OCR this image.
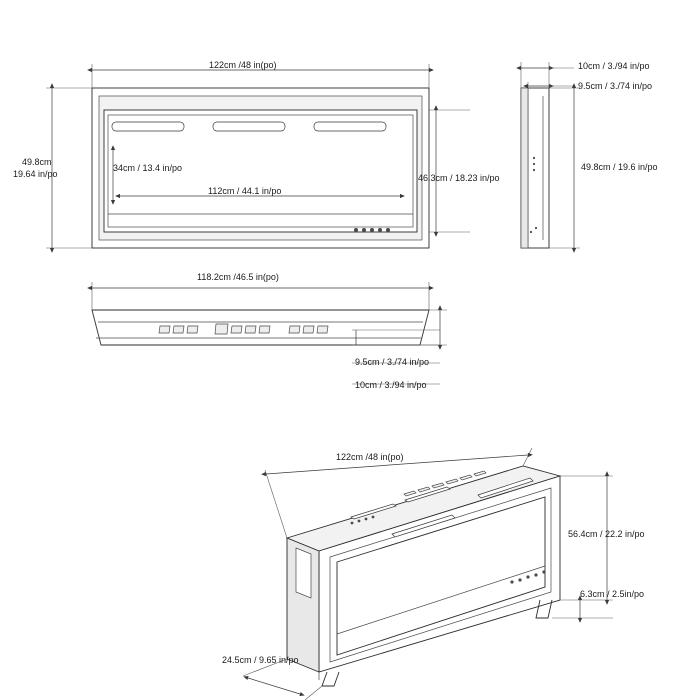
122cm /48 in(po)
49.8cm
19.64 in/po
34cm / 13.4 in/po
112cm / 44.1 in/po
46.3cm / 18.23 in/po
10cm / 3./94 in/po
9.5cm / 3./74 in/po
49.8cm / 19.6 in/po
118.2cm /46.5 in(po)
9.5cm / 3./74 in/po
10cm / 3./94 in/po
122cm /48 in(po)
56.4cm / 22.2 in/po
6.3cm / 2.5in/po
24.5cm / 9.65 in/po
